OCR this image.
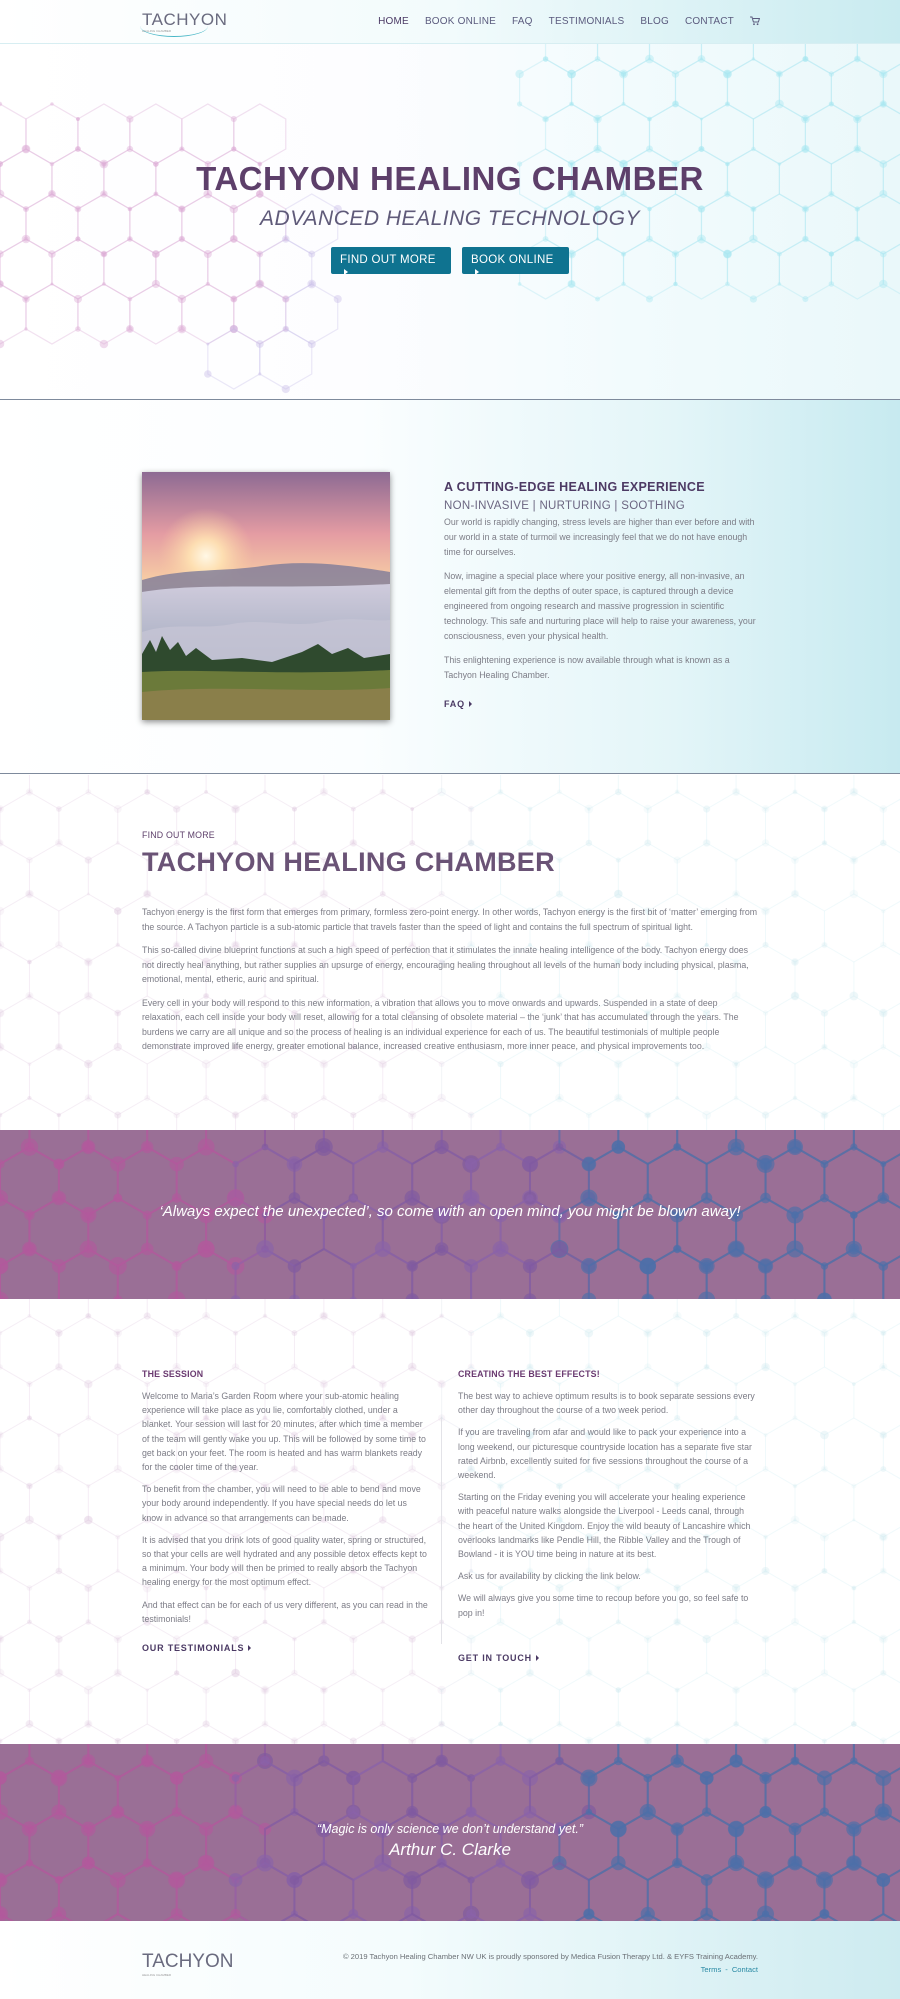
TACHYON
HEALING CHAMBER
HOME BOOK ONLINE FAQ TESTIMONIALS BLOG CONTACT
TACHYON HEALING CHAMBER
ADVANCED HEALING TECHNOLOGY
FIND OUT MORE	BOOK ONLINE
A CUTTING-EDGE HEALING EXPERIENCE
NON-INVASIVE | NURTURING | SOOTHING

Our world is rapidly changing, stress levels are higher than ever before and with our world in a state of turmoil we increasingly feel that we do not have enough time for ourselves.

Now, imagine a special place where your positive energy, all non-invasive, an elemental gift from the depths of outer space, is captured through a device engineered from ongoing research and massive progression in scientific technology. This safe and nurturing place will help to raise your awareness, your consciousness, even your physical health.

This enlightening experience is now available through what is known as a Tachyon Healing Chamber.

FAQ
FIND OUT MORE
TACHYON HEALING CHAMBER

Tachyon energy is the first form that emerges from primary, formless zero-point energy. In other words, Tachyon energy is the first bit of ‘matter’ emerging from the source. A Tachyon particle is a sub-atomic particle that travels faster than the speed of light and contains the full spectrum of spiritual light.

This so-called divine blueprint functions at such a high speed of perfection that it stimulates the innate healing intelligence of the body. Tachyon energy does not directly heal anything, but rather supplies an upsurge of energy, encouraging healing throughout all levels of the human body including physical, plasma, emotional, mental, etheric, auric and spiritual.

Every cell in your body will respond to this new information, a vibration that allows you to move onwards and upwards. Suspended in a state of deep relaxation, each cell inside your body will reset, allowing for a total cleansing of obsolete material – the ‘junk’ that has accumulated through the years. The burdens we carry are all unique and so the process of healing is an individual experience for each of us. The beautiful testimonials of multiple people demonstrate improved life energy, greater emotional balance, increased creative enthusiasm, more inner peace, and physical improvements too.

‘Always expect the unexpected’, so come with an open mind, you might be blown away!
THE SESSION

Welcome to Maria’s Garden Room where your sub-atomic healing experience will take place as you lie, comfortably clothed, under a blanket. Your session will last for 20 minutes, after which time a member of the team will gently wake you up. This will be followed by some time to get back on your feet. The room is heated and has warm blankets ready for the cooler time of the year.

To benefit from the chamber, you will need to be able to bend and move your body around independently. If you have special needs do let us know in advance so that arrangements can be made.

It is advised that you drink lots of good quality water, spring or structured, so that your cells are well hydrated and any possible detox effects kept to a minimum. Your body will then be primed to really absorb the Tachyon healing energy for the most optimum effect.

And that effect can be for each of us very different, as you can read in the testimonials!

OUR TESTIMONIALS
CREATING THE BEST EFFECTS!

The best way to achieve optimum results is to book separate sessions every other day throughout the course of a two week period.

If you are traveling from afar and would like to pack your experience into a long weekend, our picturesque countryside location has a separate five star rated Airbnb, excellently suited for five sessions throughout the course of a weekend.

Starting on the Friday evening you will accelerate your healing experience with peaceful nature walks alongside the Liverpool - Leeds canal, through the heart of the United Kingdom. Enjoy the wild beauty of Lancashire which overlooks landmarks like Pendle Hill, the Ribble Valley and the Trough of Bowland - it is YOU time being in nature at its best.

Ask us for availability by clicking the link below.

We will always give you some time to recoup before you go, so feel safe to pop in!

GET IN TOUCH
“Magic is only science we don’t understand yet.”
Arthur C. Clarke
TACHYON
HEALING CHAMBER
© 2019 Tachyon Healing Chamber NW UK is proudly sponsored by Medica Fusion Therapy Ltd. & EYFS Training Academy.
Terms - Contact
